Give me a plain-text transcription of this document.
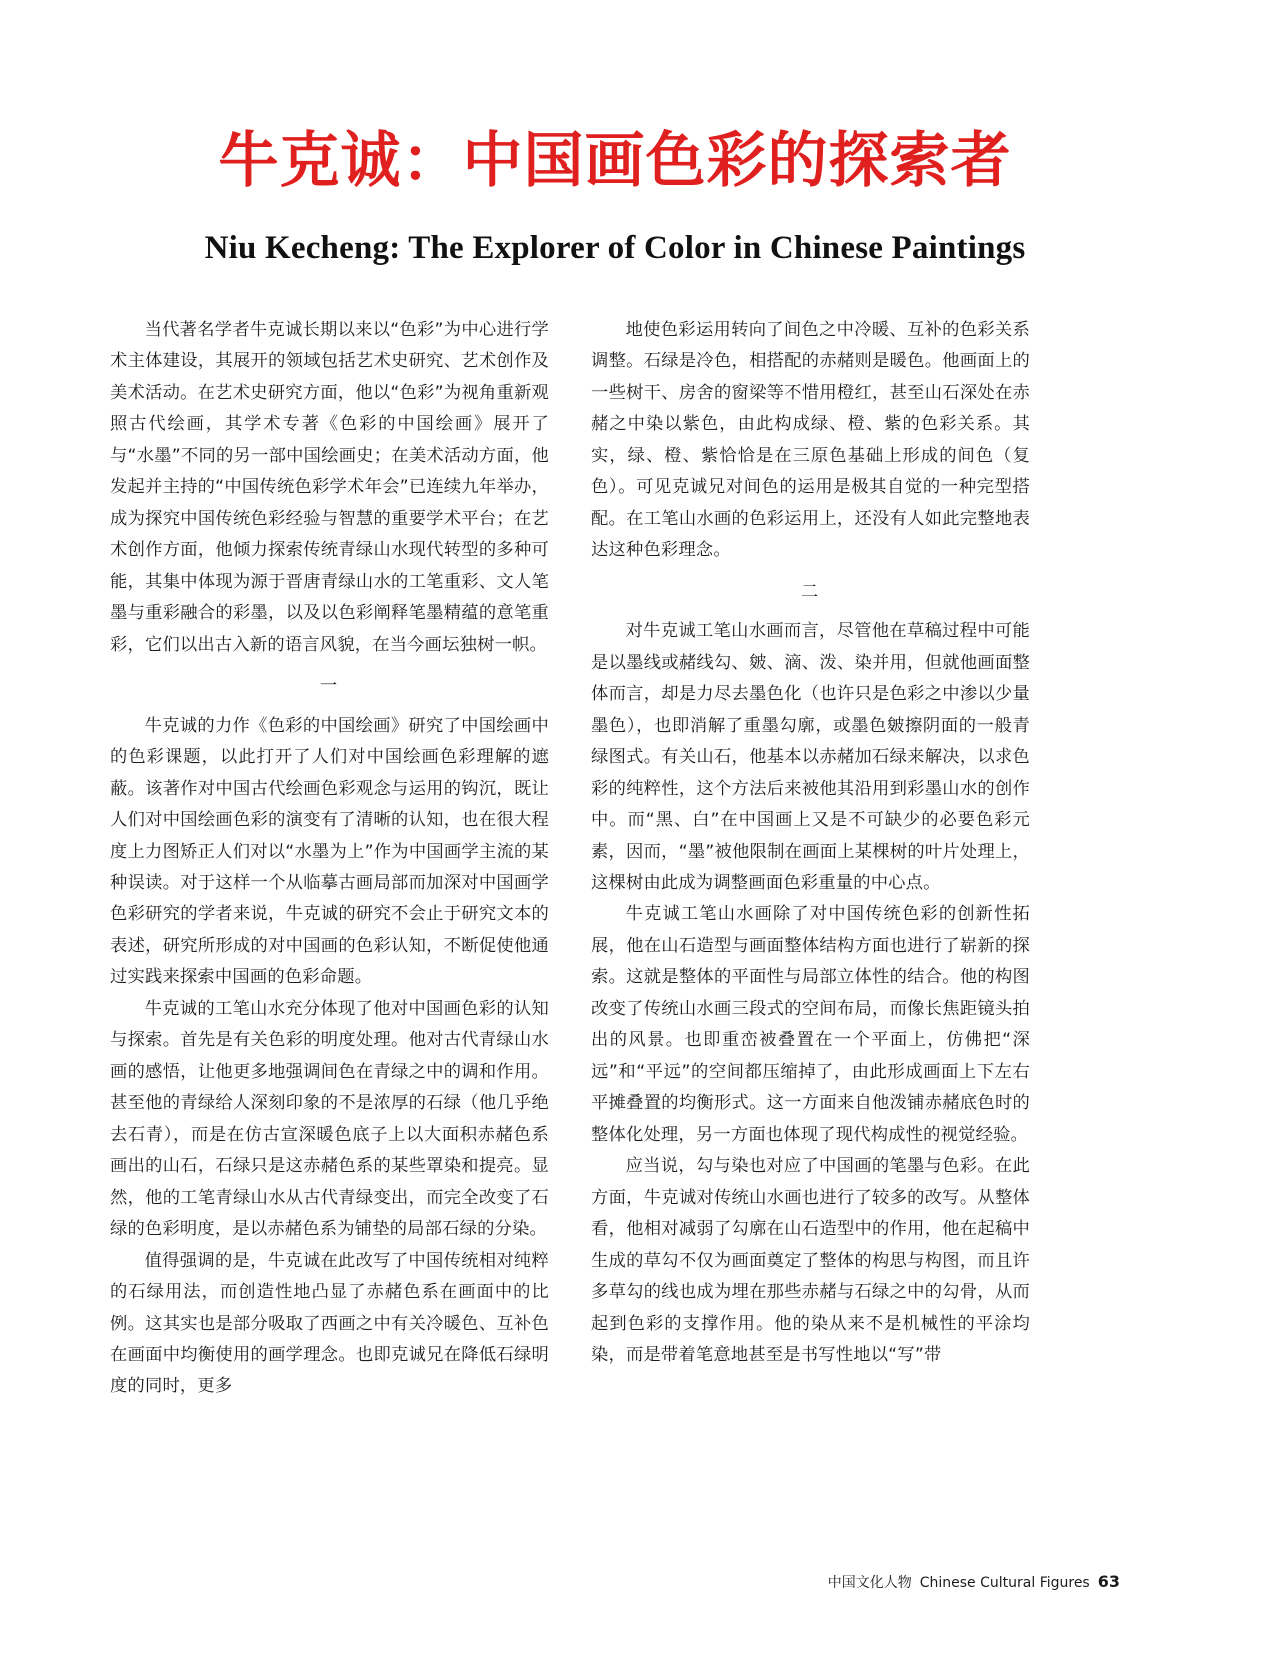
牛克诚：中国画色彩的探索者
Niu Kecheng: The Explorer of Color in Chinese Paintings

当代著名学者牛克诚长期以来以“色彩”为中心进行学术主体建设，其展开的领域包括艺术史研究、艺术创作及美术活动。在艺术史研究方面，他以“色彩”为视角重新观照古代绘画，其学术专著《色彩的中国绘画》展开了与“水墨”不同的另一部中国绘画史；在美术活动方面，他发起并主持的“中国传统色彩学术年会”已连续九年举办，成为探究中国传统色彩经验与智慧的重要学术平台；在艺术创作方面，他倾力探索传统青绿山水现代转型的多种可能，其集中体现为源于晋唐青绿山水的工笔重彩、文人笔墨与重彩融合的彩墨，以及以色彩阐释笔墨精蕴的意笔重彩，它们以出古入新的语言风貌，在当今画坛独树一帜。

一

牛克诚的力作《色彩的中国绘画》研究了中国绘画中的色彩课题，以此打开了人们对中国绘画色彩理解的遮蔽。该著作对中国古代绘画色彩观念与运用的钩沉，既让人们对中国绘画色彩的演变有了清晰的认知，也在很大程度上力图矫正人们对以“水墨为上”作为中国画学主流的某种误读。对于这样一个从临摹古画局部而加深对中国画学色彩研究的学者来说，牛克诚的研究不会止于研究文本的表述，研究所形成的对中国画的色彩认知，不断促使他通过实践来探索中国画的色彩命题。

牛克诚的工笔山水充分体现了他对中国画色彩的认知与探索。首先是有关色彩的明度处理。他对古代青绿山水画的感悟，让他更多地强调间色在青绿之中的调和作用。甚至他的青绿给人深刻印象的不是浓厚的石绿（他几乎绝去石青），而是在仿古宣深暖色底子上以大面积赤赭色系画出的山石，石绿只是这赤赭色系的某些罩染和提亮。显然，他的工笔青绿山水从古代青绿变出，而完全改变了石绿的色彩明度，是以赤赭色系为铺垫的局部石绿的分染。

值得强调的是，牛克诚在此改写了中国传统相对纯粹的石绿用法，而创造性地凸显了赤赭色系在画面中的比例。这其实也是部分吸取了西画之中有关冷暖色、互补色在画面中均衡使用的画学理念。也即克诚兄在降低石绿明度的同时，更多

地使色彩运用转向了间色之中冷暖、互补的色彩关系调整。石绿是冷色，相搭配的赤赭则是暖色。他画面上的一些树干、房舍的窗梁等不惜用橙红，甚至山石深处在赤赭之中染以紫色，由此构成绿、橙、紫的色彩关系。其实，绿、橙、紫恰恰是在三原色基础上形成的间色（复色）。可见克诚兄对间色的运用是极其自觉的一种完型搭配。在工笔山水画的色彩运用上，还没有人如此完整地表达这种色彩理念。

二

对牛克诚工笔山水画而言，尽管他在草稿过程中可能是以墨线或赭线勾、皴、滴、泼、染并用，但就他画面整体而言，却是力尽去墨色化（也许只是色彩之中渗以少量墨色），也即消解了重墨勾廓，或墨色皴擦阴面的一般青绿图式。有关山石，他基本以赤赭加石绿来解决，以求色彩的纯粹性，这个方法后来被他其沿用到彩墨山水的创作中。而“黑、白”在中国画上又是不可缺少的必要色彩元素，因而，“墨”被他限制在画面上某棵树的叶片处理上，这棵树由此成为调整画面色彩重量的中心点。

牛克诚工笔山水画除了对中国传统色彩的创新性拓展，他在山石造型与画面整体结构方面也进行了崭新的探索。这就是整体的平面性与局部立体性的结合。他的构图改变了传统山水画三段式的空间布局，而像长焦距镜头拍出的风景。也即重峦被叠置在一个平面上，仿佛把“深远”和“平远”的空间都压缩掉了，由此形成画面上下左右平摊叠置的均衡形式。这一方面来自他泼铺赤赭底色时的整体化处理，另一方面也体现了现代构成性的视觉经验。

应当说，勾与染也对应了中国画的笔墨与色彩。在此方面，牛克诚对传统山水画也进行了较多的改写。从整体看，他相对减弱了勾廓在山石造型中的作用，他在起稿中生成的草勾不仅为画面奠定了整体的构思与构图，而且许多草勾的线也成为埋在那些赤赭与石绿之中的勾骨，从而起到色彩的支撑作用。他的染从来不是机械性的平涂均染，而是带着笔意地甚至是书写性地以“写”带

中国文化人物 Chinese Cultural Figures 63
